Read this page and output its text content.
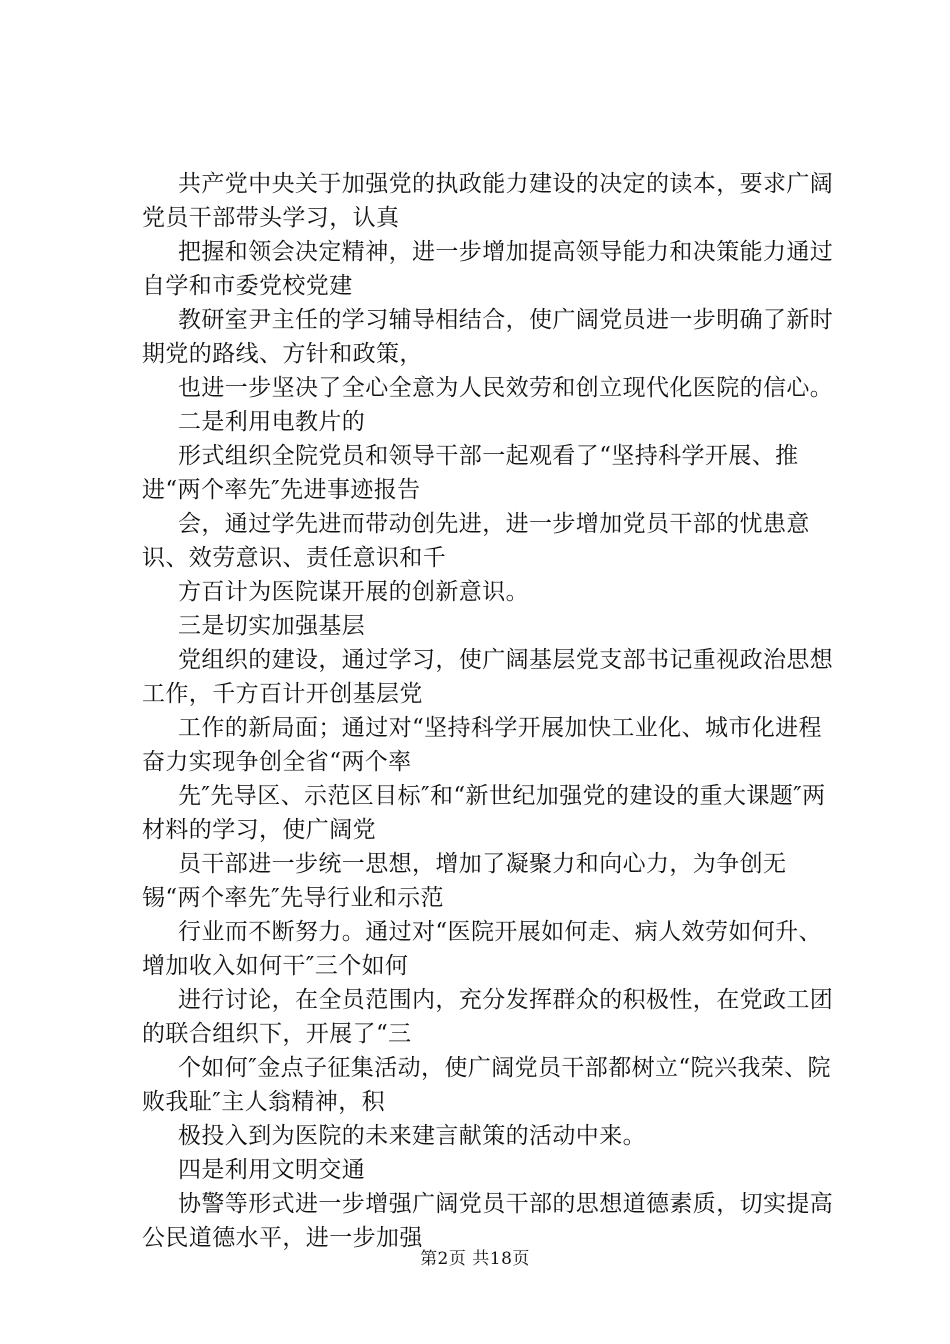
共产党中央关于加强党的执政能力建设的决定的读本，要求广阔党员干部带头学习，认真

把握和领会决定精神，进一步增加提高领导能力和决策能力通过自学和市委党校党建

教研室尹主任的学习辅导相结合，使广阔党员进一步明确了新时期党的路线、方针和政策，

也进一步坚决了全心全意为人民效劳和创立现代化医院的信心。

二是利用电教片的

形式组织全院党员和领导干部一起观看了“坚持科学开展、推进“两个率先″先进事迹报告

会，通过学先进而带动创先进，进一步增加党员干部的忧患意识、效劳意识、责任意识和千

方百计为医院谋开展的创新意识。

三是切实加强基层

党组织的建设，通过学习，使广阔基层党支部书记重视政治思想工作，千方百计开创基层党

工作的新局面；通过对“坚持科学开展加快工业化、城市化进程奋力实现争创全省“两个率

先″先导区、示范区目标″和“新世纪加强党的建设的重大课题″两材料的学习，使广阔党

员干部进一步统一思想，增加了凝聚力和向心力，为争创无锡“两个率先″先导行业和示范

行业而不断努力。通过对“医院开展如何走、病人效劳如何升、增加收入如何干″三个如何

进行讨论，在全员范围内，充分发挥群众的积极性，在党政工团的联合组织下，开展了“三

个如何″金点子征集活动，使广阔党员干部都树立“院兴我荣、院败我耻″主人翁精神，积

极投入到为医院的未来建言献策的活动中来。

四是利用文明交通

协警等形式进一步增强广阔党员干部的思想道德素质，切实提高公民道德水平，进一步加强

第2页 共18页
